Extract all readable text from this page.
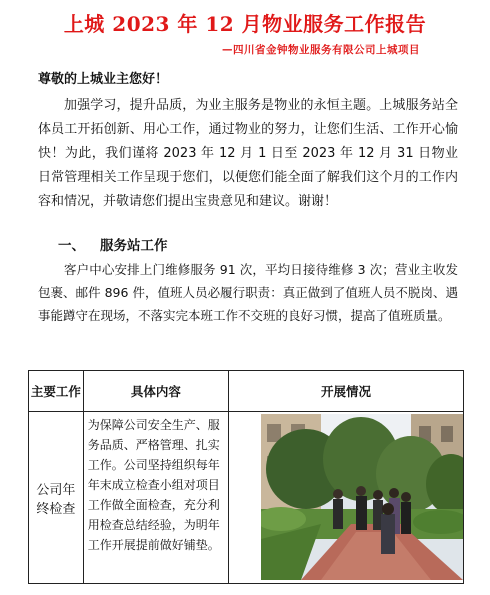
上城 2023 年 12 月物业服务工作报告
—四川省金钟物业服务有限公司上城项目
尊敬的上城业主您好！
加强学习，提升品质，为业主服务是物业的永恒主题。上城服务站全体员工开拓创新、用心工作，通过物业的努力，让您们生活、工作开心愉快！为此，我们谨将 2023 年 12 月 1 日至 2023 年 12 月 31 日物业日常管理相关工作呈现于您们，以便您们能全面了解我们这个月的工作内容和情况，并敬请您们提出宝贵意见和建议。谢谢！
一、 服务站工作
客户中心安排上门维修服务 91 次，平均日接待维修 3 次；营业主收发包裹、邮件 896 件，值班人员必履行职责：真正做到了值班人员不脱岗、遇事能蹲守在现场，不落实完本班工作不交班的良好习惯，提高了值班质量。
主要工作	具体内容	开展情况
公司年终检查	为保障公司安全生产、服务品质、严格管理、扎实工作。公司坚持组织每年年末成立检查小组对项目工作做全面检查，充分利用检查总结经验，为明年工作开展提前做好铺垫。	
